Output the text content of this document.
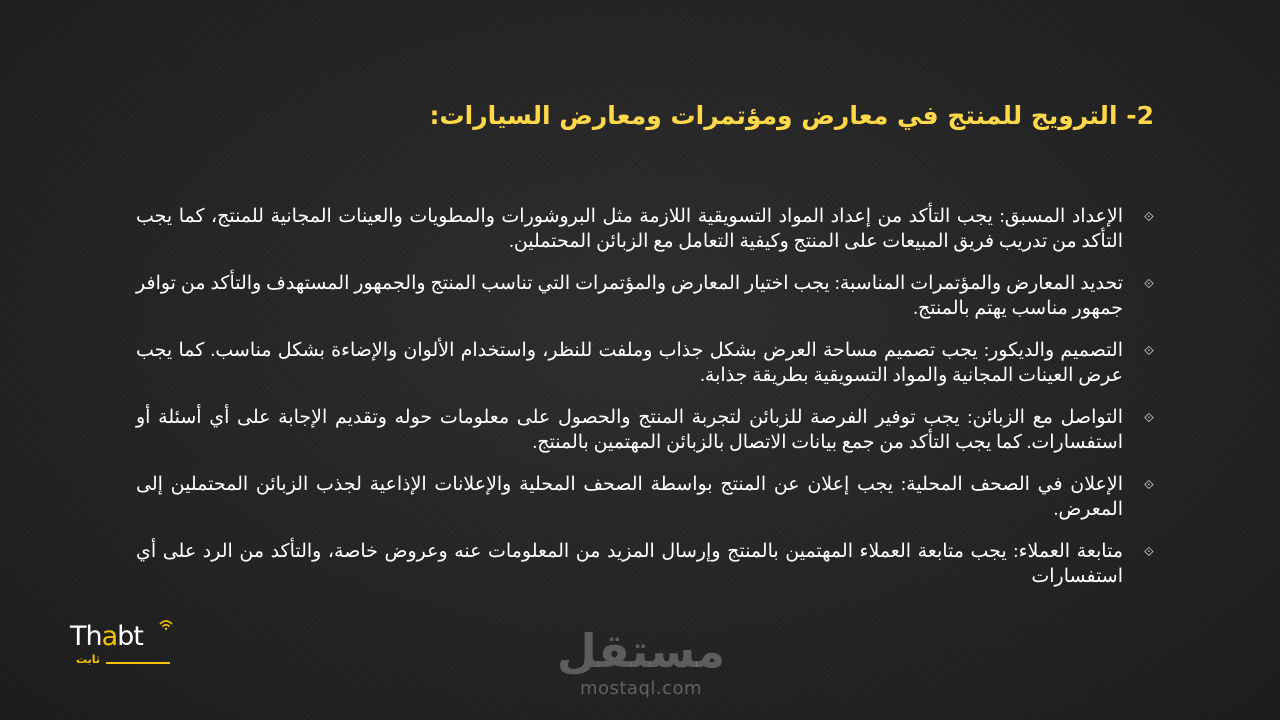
2- الترويج للمنتج في معارض ومؤتمرات ومعارض السيارات:
⟐
الإعداد المسبق: يجب التأكد من إعداد المواد التسويقية اللازمة مثل البروشورات والمطويات والعينات المجانية للمنتج، كما يجب التأكد من تدريب فريق المبيعات على المنتج وكيفية التعامل مع الزبائن المحتملين.
⟐
تحديد المعارض والمؤتمرات المناسبة: يجب اختيار المعارض والمؤتمرات التي تناسب المنتج والجمهور المستهدف والتأكد من توافر جمهور مناسب يهتم بالمنتج.
⟐
التصميم والديكور: يجب تصميم مساحة العرض بشكل جذاب وملفت للنظر، واستخدام الألوان والإضاءة بشكل مناسب. كما يجب عرض العينات المجانية والمواد التسويقية بطريقة جذابة.
⟐
التواصل مع الزبائن: يجب توفير الفرصة للزبائن لتجربة المنتج والحصول على معلومات حوله وتقديم الإجابة على أي أسئلة أو استفسارات. كما يجب التأكد من جمع بيانات الاتصال بالزبائن المهتمين بالمنتج.
⟐
الإعلان في الصحف المحلية: يجب إعلان عن المنتج بواسطة الصحف المحلية والإعلانات الإذاعية لجذب الزبائن المحتملين إلى المعرض.
⟐
متابعة العملاء: يجب متابعة العملاء المهتمين بالمنتج وإرسال المزيد من المعلومات عنه وعروض خاصة، والتأكد من الرد على أي استفسارات
Thabt
ثابت	مستقل
mostaql.com
